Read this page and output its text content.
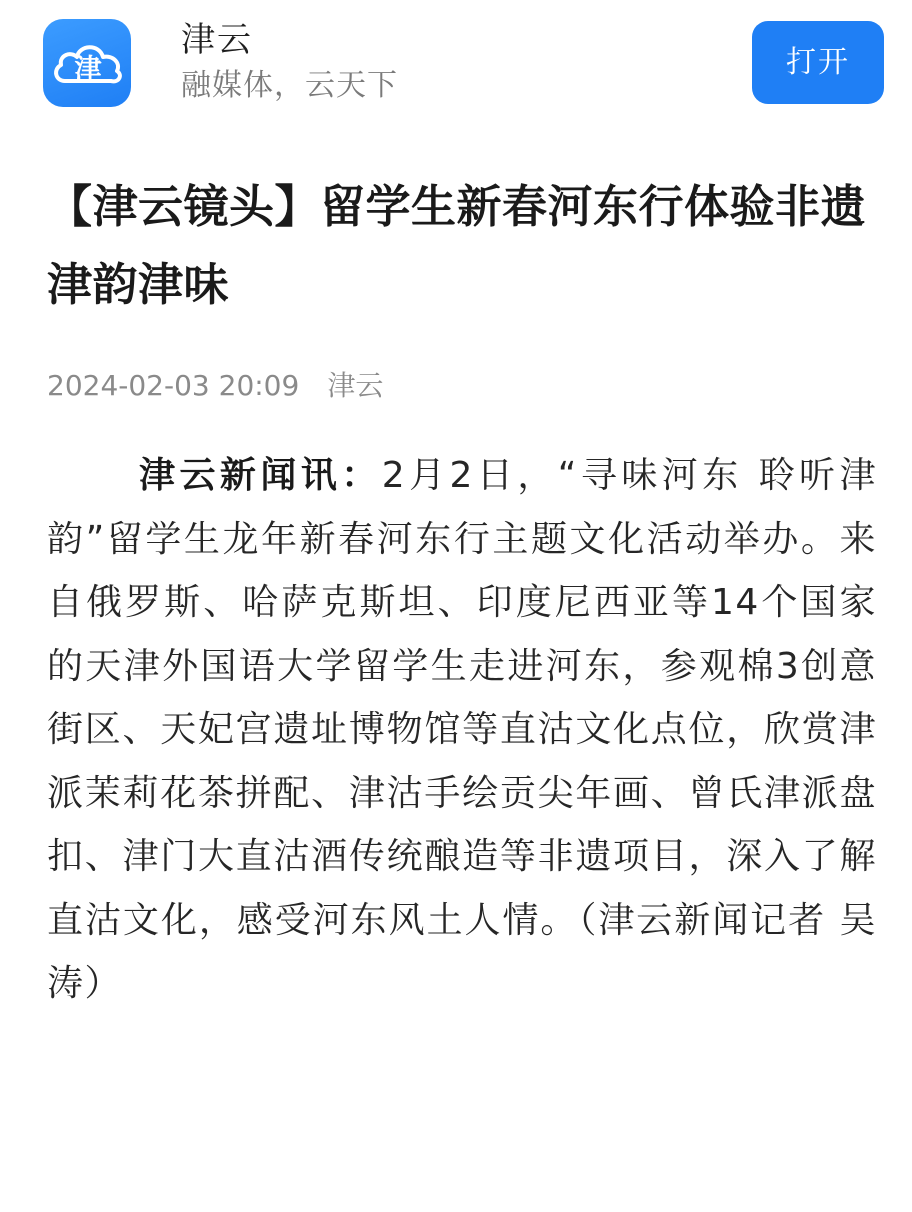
津
津云
融媒体，云天下
打开
【津云镜头】留学生新春河东行体验非遗津韵津味
2024-02-03 20:09 津云

津云新闻讯：2月2日，“寻味河东 聆听津韵”留学生龙年新春河东行主题文化活动举办。来自俄罗斯、哈萨克斯坦、印度尼西亚等14个国家的天津外国语大学留学生走进河东，参观棉3创意街区、天妃宫遗址博物馆等直沽文化点位，欣赏津派茉莉花茶拼配、津沽手绘贡尖年画、曾氏津派盘扣、津门大直沽酒传统酿造等非遗项目，深入了解直沽文化，感受河东风土人情。（津云新闻记者 吴涛）
